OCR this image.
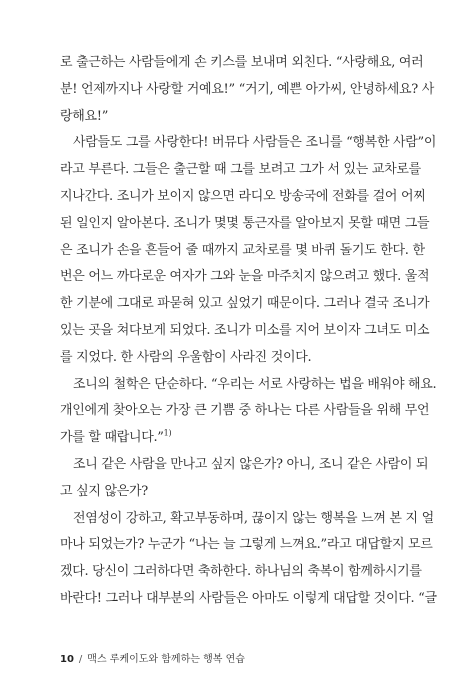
로 출근하는 사람들에게 손 키스를 보내며 외친다. “사랑해요, 여러
분! 언제까지나 사랑할 거예요!” “거기, 예쁜 아가씨, 안녕하세요? 사
랑해요!”

사람들도 그를 사랑한다! 버뮤다 사람들은 조니를 “행복한 사람”이
라고 부른다. 그들은 출근할 때 그를 보려고 그가 서 있는 교차로를
지나간다. 조니가 보이지 않으면 라디오 방송국에 전화를 걸어 어찌
된 일인지 알아본다. 조니가 몇몇 통근자를 알아보지 못할 때면 그들
은 조니가 손을 흔들어 줄 때까지 교차로를 몇 바퀴 돌기도 한다. 한
번은 어느 까다로운 여자가 그와 눈을 마주치지 않으려고 했다. 울적
한 기분에 그대로 파묻혀 있고 싶었기 때문이다. 그러나 결국 조니가
있는 곳을 쳐다보게 되었다. 조니가 미소를 지어 보이자 그녀도 미소
를 지었다. 한 사람의 우울함이 사라진 것이다.

조니의 철학은 단순하다. “우리는 서로 사랑하는 법을 배워야 해요.
개인에게 찾아오는 가장 큰 기쁨 중 하나는 다른 사람들을 위해 무언
가를 할 때랍니다.”$^{1)}$

조니 같은 사람을 만나고 싶지 않은가? 아니, 조니 같은 사람이 되
고 싶지 않은가?

전염성이 강하고, 확고부동하며, 끊이지 않는 행복을 느껴 본 지 얼
마나 되었는가? 누군가 “나는 늘 그렇게 느껴요.”라고 대답할지 모르
겠다. 당신이 그러하다면 축하한다. 하나님의 축복이 함께하시기를
바란다! 그러나 대부분의 사람들은 아마도 이렇게 대답할 것이다. “글

10 / 맥스 루케이도와 함께하는 행복 연습
